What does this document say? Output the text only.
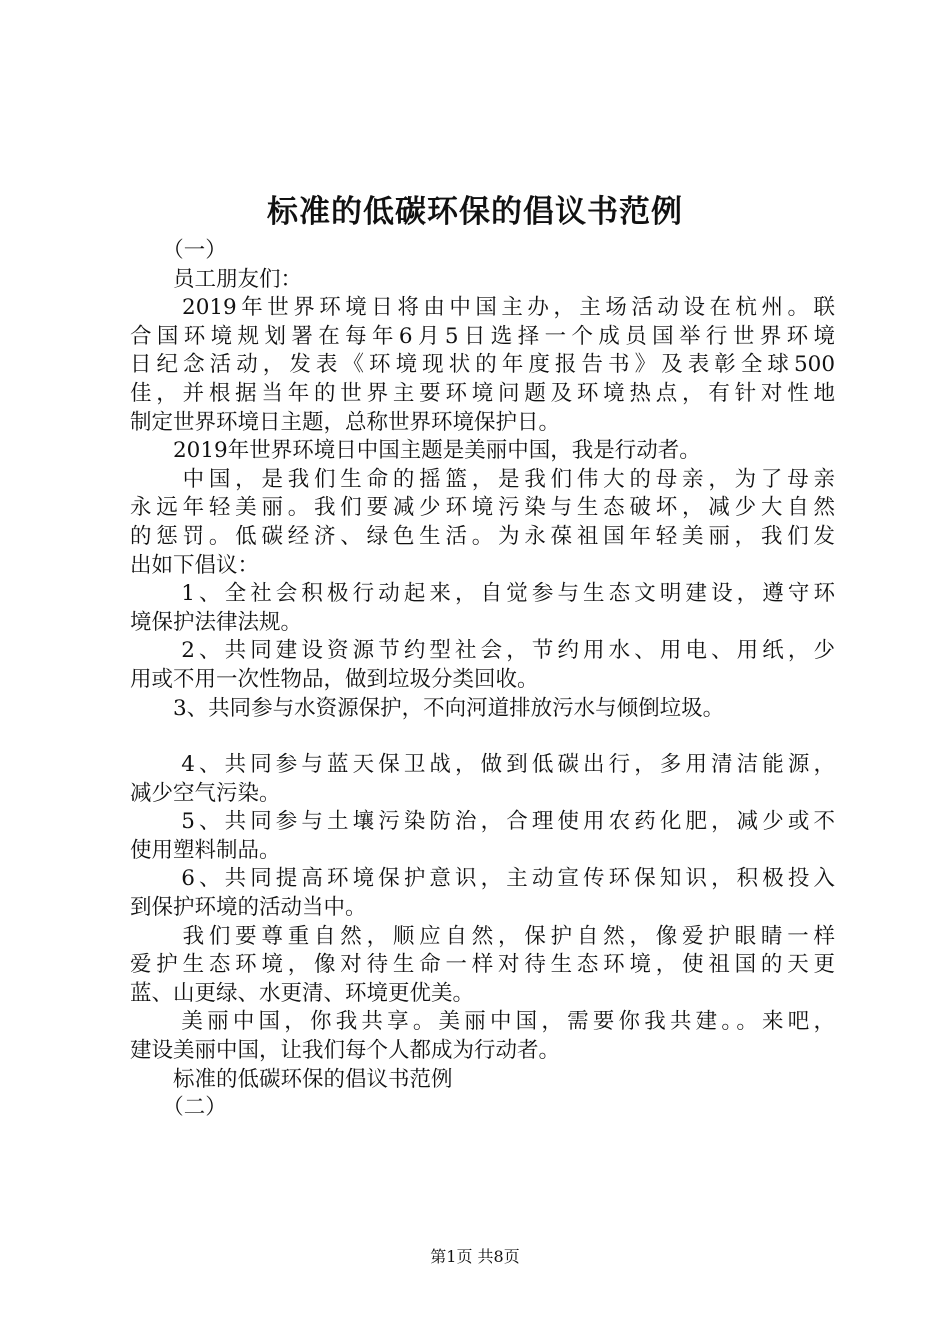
标准的低碳环保的倡议书范例
　　（一）
　　员工朋友们：
　　2019年世界环境日将由中国主办，主场活动设在杭州。联
合国环境规划署在每年6月5日选择一个成员国举行世界环境
日纪念活动，发表《环境现状的年度报告书》及表彰全球500
佳，并根据当年的世界主要环境问题及环境热点，有针对性地
制定世界环境日主题，总称世界环境保护日。
　　2019年世界环境日中国主题是美丽中国，我是行动者。
　　中国，是我们生命的摇篮，是我们伟大的母亲，为了母亲
永远年轻美丽。我们要减少环境污染与生态破坏，减少大自然
的惩罚。低碳经济、绿色生活。为永葆祖国年轻美丽，我们发
出如下倡议：
　　1、全社会积极行动起来，自觉参与生态文明建设，遵守环
境保护法律法规。
　　2、共同建设资源节约型社会，节约用水、用电、用纸，少
用或不用一次性物品，做到垃圾分类回收。
　　3、共同参与水资源保护，不向河道排放污水与倾倒垃圾。
　　4、共同参与蓝天保卫战，做到低碳出行，多用清洁能源，
减少空气污染。
　　5、共同参与土壤污染防治，合理使用农药化肥，减少或不
使用塑料制品。
　　6、共同提高环境保护意识，主动宣传环保知识，积极投入
到保护环境的活动当中。
　　我们要尊重自然，顺应自然，保护自然，像爱护眼睛一样
爱护生态环境，像对待生命一样对待生态环境，使祖国的天更
蓝、山更绿、水更清、环境更优美。
　　美丽中国，你我共享。美丽中国，需要你我共建。。来吧，
建设美丽中国，让我们每个人都成为行动者。
　　标准的低碳环保的倡议书范例
　　（二）
第1页 共8页
